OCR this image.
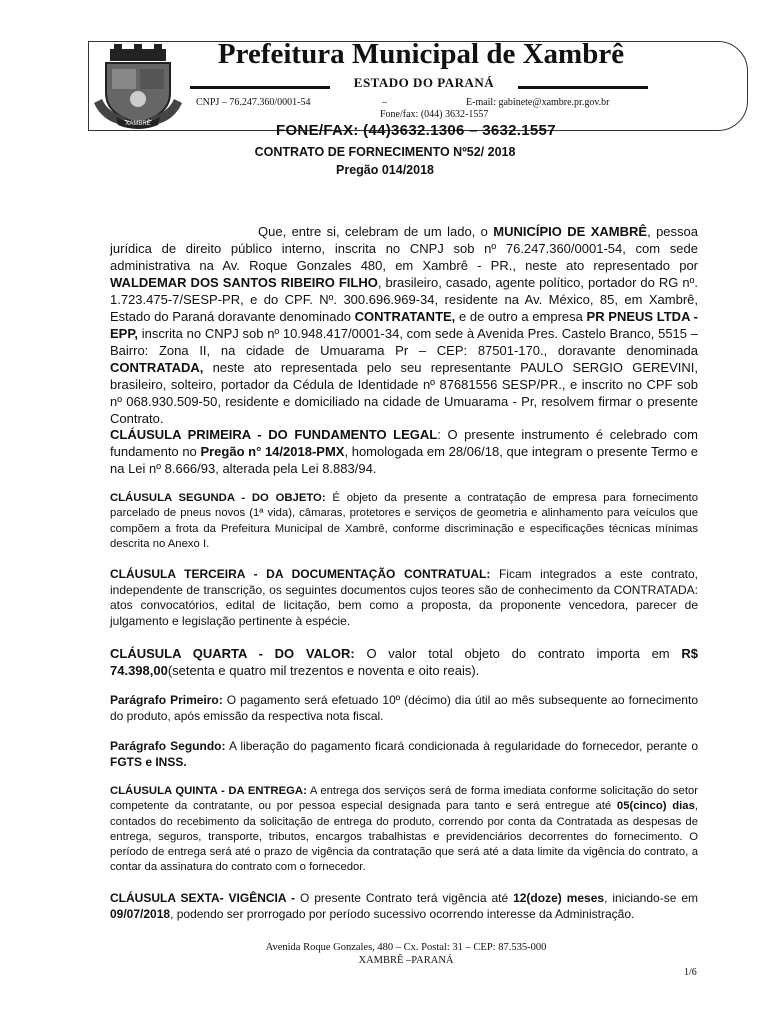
XAMBRÊ
Prefeitura Municipal de Xambrê
ESTADO DO PARANÁ
CNPJ – 76.247.360/0001-54	–	E-mail: gabinete@xambre.pr.gov.br
Fone/fax: (044) 3632-1557
FONE/FAX: (44)3632.1306 – 3632.1557
CONTRATO DE FORNECIMENTO Nº52/ 2018
Pregão 014/2018
Que, entre si, celebram de um lado, o MUNICÍPIO DE XAMBRÊ, pessoa jurídica de direito público interno, inscrita no CNPJ sob nº 76.247.360/0001-54, com sede administrativa na Av. Roque Gonzales 480, em Xambrê - PR., neste ato representado por WALDEMAR DOS SANTOS RIBEIRO FILHO, brasileiro, casado, agente político, portador do RG nº. 1.723.475-7/SESP-PR, e do CPF. Nº. 300.696.969-34, residente na Av. México, 85, em Xambrê, Estado do Paraná doravante denominado CONTRATANTE, e de outro a empresa PR PNEUS LTDA - EPP, inscrita no CNPJ sob nº 10.948.417/0001-34, com sede à Avenida Pres. Castelo Branco, 5515 – Bairro: Zona II, na cidade de Umuarama Pr – CEP: 87501-170., doravante denominada CONTRATADA, neste ato representada pelo seu representante PAULO SERGIO GEREVINI, brasileiro, solteiro, portador da Cédula de Identidade nº 87681556 SESP/PR., e inscrito no CPF sob nº 068.930.509-50, residente e domiciliado na cidade de Umuarama - Pr, resolvem firmar o presente Contrato.
CLÁUSULA PRIMEIRA - DO FUNDAMENTO LEGAL: O presente instrumento é celebrado com fundamento no Pregão n° 14/2018-PMX, homologada em 28/06/18, que integram o presente Termo e na Lei nº 8.666/93, alterada pela Lei 8.883/94.
CLÁUSULA SEGUNDA - DO OBJETO: É objeto da presente a contratação de empresa para fornecimento parcelado de pneus novos (1ª vida), câmaras, protetores e serviços de geometria e alinhamento para veículos que compõem a frota da Prefeitura Municipal de Xambrê, conforme discriminação e especificações técnicas mínimas descrita no Anexo I.
CLÁUSULA TERCEIRA - DA DOCUMENTAÇÃO CONTRATUAL: Ficam integrados a este contrato, independente de transcrição, os seguintes documentos cujos teores são de conhecimento da CONTRATADA: atos convocatórios, edital de licitação, bem como a proposta, da proponente vencedora, parecer de julgamento e legislação pertinente à espécie.
CLÁUSULA QUARTA - DO VALOR: O valor total objeto do contrato importa em R$ 74.398,00(setenta e quatro mil trezentos e noventa e oito reais).
Parágrafo Primeiro: O pagamento será efetuado 10º (décimo) dia útil ao mês subsequente ao fornecimento do produto, após emissão da respectiva nota fiscal.
Parágrafo Segundo: A liberação do pagamento ficará condicionada à regularidade do fornecedor, perante o FGTS e INSS.
CLÁUSULA QUINTA - DA ENTREGA: A entrega dos serviços será de forma imediata conforme solicitação do setor competente da contratante, ou por pessoa especial designada para tanto e será entregue até 05(cinco) dias, contados do recebimento da solicitação de entrega do produto, correndo por conta da Contratada as despesas de entrega, seguros, transporte, tributos, encargos trabalhistas e previdenciários decorrentes do fornecimento. O período de entrega será até o prazo de vigência da contratação que será até a data limite da vigência do contrato, a contar da assinatura do contrato com o fornecedor.
CLÁUSULA SEXTA- VIGÊNCIA - O presente Contrato terá vigência até 12(doze) meses, iniciando-se em 09/07/2018, podendo ser prorrogado por período sucessivo ocorrendo interesse da Administração.
Avenida Roque Gonzales, 480 – Cx. Postal: 31 – CEP: 87.535-000
XAMBRÊ –PARANÁ
1/6
